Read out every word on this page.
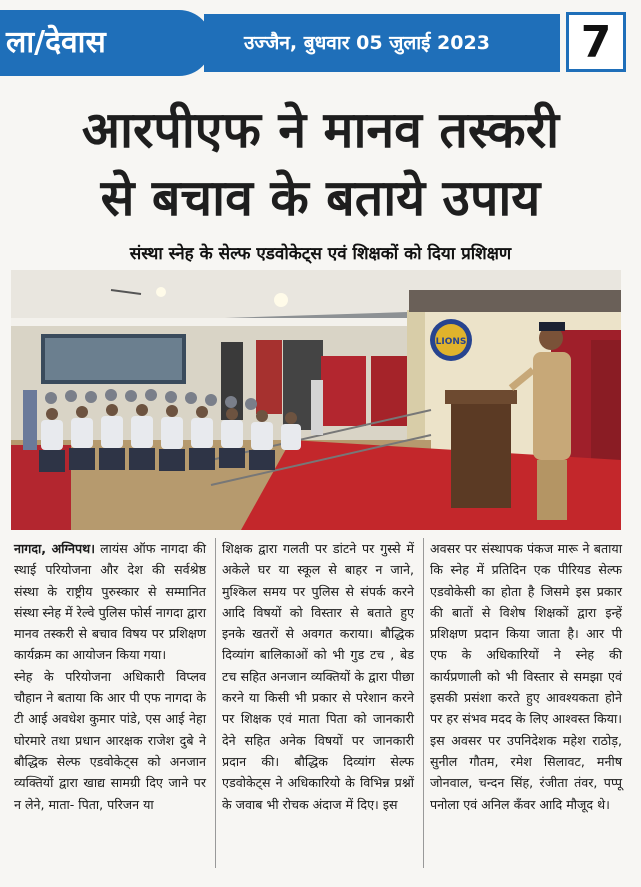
ला/देवास	उज्जैन, बुधवार 05 जुलाई 2023	7
आरपीएफ ने मानव तस्करी
से बचाव के बताये उपाय
संस्था स्नेह के सेल्फ एडवोकेट्स एवं शिक्षकों को दिया प्रशिक्षण
LIONS
नागदा, अग्निपथ। लायंस ऑफ नागदा की स्थाई परियोजना और देश की सर्वश्रेष्ठ संस्था के राष्ट्रीय पुरुस्कार से सम्मानित संस्था स्नेह में रेल्वे पुलिस फोर्स नागदा द्वारा मानव तस्करी से बचाव विषय पर प्रशिक्षण कार्यक्रम का आयोजन किया गया।
स्नेह के परियोजना अधिकारी विप्लव चौहान ने बताया कि आर पी एफ नागदा के टी आई अवधेश कुमार पांडे, एस आई नेहा घोरमारे तथा प्रधान आरक्षक राजेश दुबे ने बौद्धिक सेल्फ एडवोकेट्स को अनजान व्यक्तियों द्वारा खाद्य सामग्री दिए जाने पर न लेने, माता- पिता, परिजन या
शिक्षक द्वारा गलती पर डांटने पर गुस्से में अकेले घर या स्कूल से बाहर न जाने, मुश्किल समय पर पुलिस से संपर्क करने आदि विषयों को विस्तार से बताते हुए इनके खतरों से अवगत कराया। बौद्धिक दिव्यांग बालिकाओं को भी गुड टच , बेड टच सहित अनजान व्यक्तियों के द्वारा पीछा करने या किसी भी प्रकार से परेशान करने पर शिक्षक एवं माता पिता को जानकारी देने सहित अनेक विषयों पर जानकारी प्रदान की। बौद्धिक दिव्यांग सेल्फ एडवोकेट्स ने अधिकारियो के विभिन्न प्रश्नों के जवाब भी रोचक अंदाज में दिए। इस
अवसर पर संस्थापक पंकज मारू ने बताया कि स्नेह में प्रतिदिन एक पीरियड सेल्फ एडवोकेसी का होता है जिसमे इस प्रकार की बातों से विशेष शिक्षकों द्वारा इन्हें प्रशिक्षण प्रदान किया जाता है। आर पी एफ के अधिकारियों ने स्नेह की कार्यप्रणाली को भी विस्तार से समझा एवं इसकी प्रसंशा करते हुए आवश्यकता होने पर हर संभव मदद के लिए आश्वस्त किया। इस अवसर पर उपनिदेशक महेश राठोड़, सुनील गौतम, रमेश सिलावट, मनीष जोनवाल, चन्दन सिंह, रंजीता तंवर, पप्पू पनोला एवं अनिल कँवर आदि मौजूद थे।
